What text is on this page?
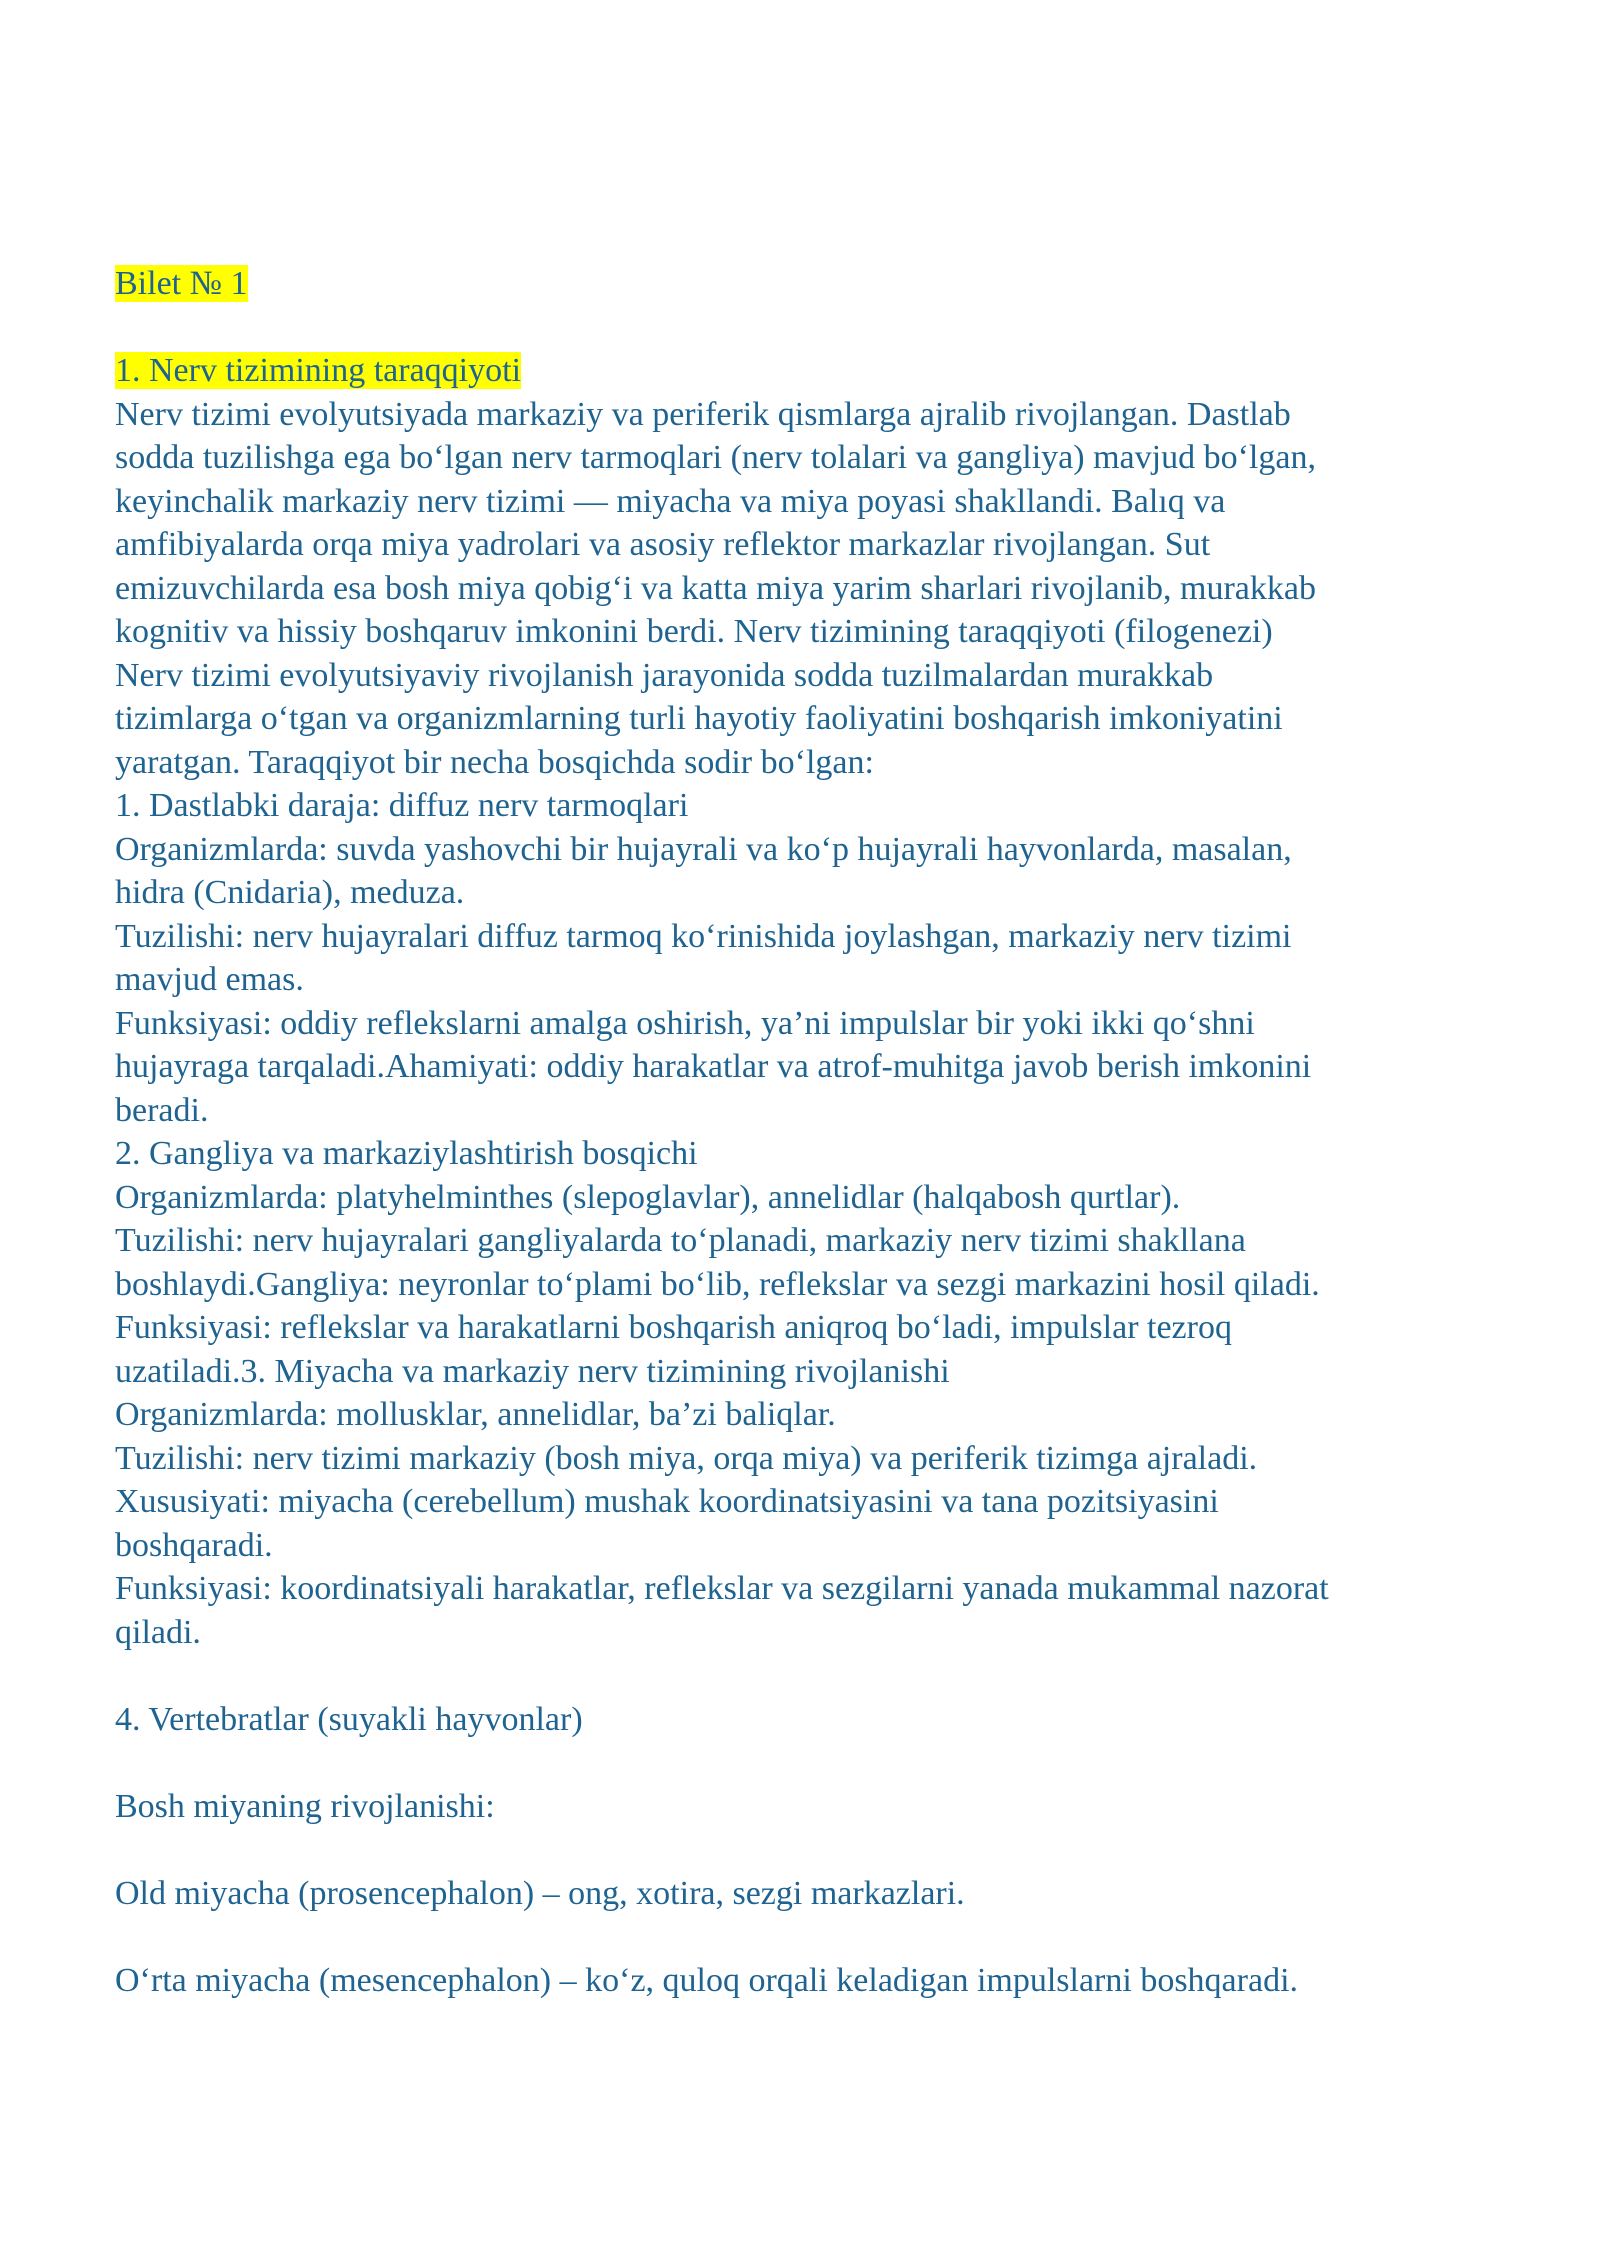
Bilet № 1
1. Nerv tizimining taraqqiyoti
Nerv tizimi evolyutsiyada markaziy va periferik qismlarga ajralib rivojlangan. Dastlab
sodda tuzilishga ega boʻlgan nerv tarmoqlari (nerv tolalari va gangliya) mavjud boʻlgan,
keyinchalik markaziy nerv tizimi — miyacha va miya poyasi shakllandi. Balıq va
amfibiyalarda orqa miya yadrolari va asosiy reflektor markazlar rivojlangan. Sut
emizuvchilarda esa bosh miya qobigʻi va katta miya yarim sharlari rivojlanib, murakkab
kognitiv va hissiy boshqaruv imkonini berdi. Nerv tizimining taraqqiyoti (filogenezi)
Nerv tizimi evolyutsiyaviy rivojlanish jarayonida sodda tuzilmalardan murakkab
tizimlarga oʻtgan va organizmlarning turli hayotiy faoliyatini boshqarish imkoniyatini
yaratgan. Taraqqiyot bir necha bosqichda sodir boʻlgan:
1. Dastlabki daraja: diffuz nerv tarmoqlari
Organizmlarda: suvda yashovchi bir hujayrali va koʻp hujayrali hayvonlarda, masalan,
hidra (Cnidaria), meduza.
Tuzilishi: nerv hujayralari diffuz tarmoq koʻrinishida joylashgan, markaziy nerv tizimi
mavjud emas.
Funksiyasi: oddiy reflekslarni amalga oshirish, ya’ni impulslar bir yoki ikki qoʻshni
hujayraga tarqaladi.Ahamiyati: oddiy harakatlar va atrof-muhitga javob berish imkonini
beradi.
2. Gangliya va markaziylashtirish bosqichi
Organizmlarda: platyhelminthes (slepoglavlar), annelidlar (halqabosh qurtlar).
Tuzilishi: nerv hujayralari gangliyalarda toʻplanadi, markaziy nerv tizimi shakllana
boshlaydi.Gangliya: neyronlar toʻplami boʻlib, reflekslar va sezgi markazini hosil qiladi.
Funksiyasi: reflekslar va harakatlarni boshqarish aniqroq boʻladi, impulslar tezroq
uzatiladi.3. Miyacha va markaziy nerv tizimining rivojlanishi
Organizmlarda: mollusklar, annelidlar, ba’zi baliqlar.
Tuzilishi: nerv tizimi markaziy (bosh miya, orqa miya) va periferik tizimga ajraladi.
Xususiyati: miyacha (cerebellum) mushak koordinatsiyasini va tana pozitsiyasini
boshqaradi.
Funksiyasi: koordinatsiyali harakatlar, reflekslar va sezgilarni yanada mukammal nazorat
qiladi.
4. Vertebratlar (suyakli hayvonlar)
Bosh miyaning rivojlanishi:
Old miyacha (prosencephalon) – ong, xotira, sezgi markazlari.
Oʻrta miyacha (mesencephalon) – koʻz, quloq orqali keladigan impulslarni boshqaradi.
